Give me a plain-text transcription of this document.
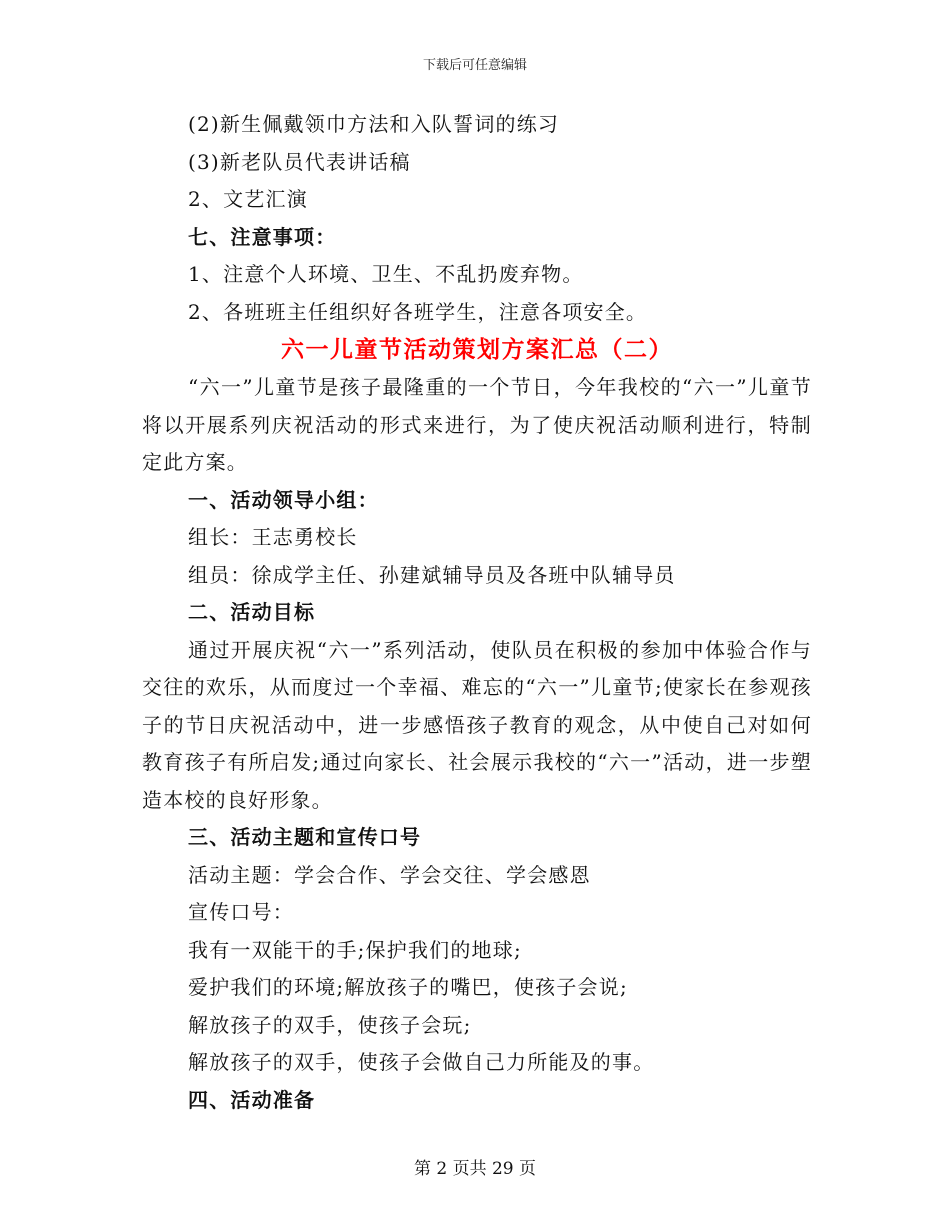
下载后可任意编辑
(2)新生佩戴领巾方法和入队誓词的练习
(3)新老队员代表讲话稿
2、文艺汇演
七、注意事项：
1、注意个人环境、卫生、不乱扔废弃物。
2、各班班主任组织好各班学生，注意各项安全。
六一儿童节活动策划方案汇总（二）

“六一”儿童节是孩子最隆重的一个节日，今年我校的“六一”儿童节将以开展系列庆祝活动的形式来进行，为了使庆祝活动顺利进行，特制定此方案。

一、活动领导小组：
组长：王志勇校长
组员：徐成学主任、孙建斌辅导员及各班中队辅导员
二、活动目标

通过开展庆祝“六一”系列活动，使队员在积极的参加中体验合作与交往的欢乐，从而度过一个幸福、难忘的“六一”儿童节;使家长在参观孩子的节日庆祝活动中，进一步感悟孩子教育的观念，从中使自己对如何教育孩子有所启发;通过向家长、社会展示我校的“六一”活动，进一步塑造本校的良好形象。

三、活动主题和宣传口号
活动主题：学会合作、学会交往、学会感恩
宣传口号：
我有一双能干的手;保护我们的地球;
爱护我们的环境;解放孩子的嘴巴，使孩子会说;
解放孩子的双手，使孩子会玩;
解放孩子的双手，使孩子会做自己力所能及的事。
四、活动准备
第 2 页共 29 页
